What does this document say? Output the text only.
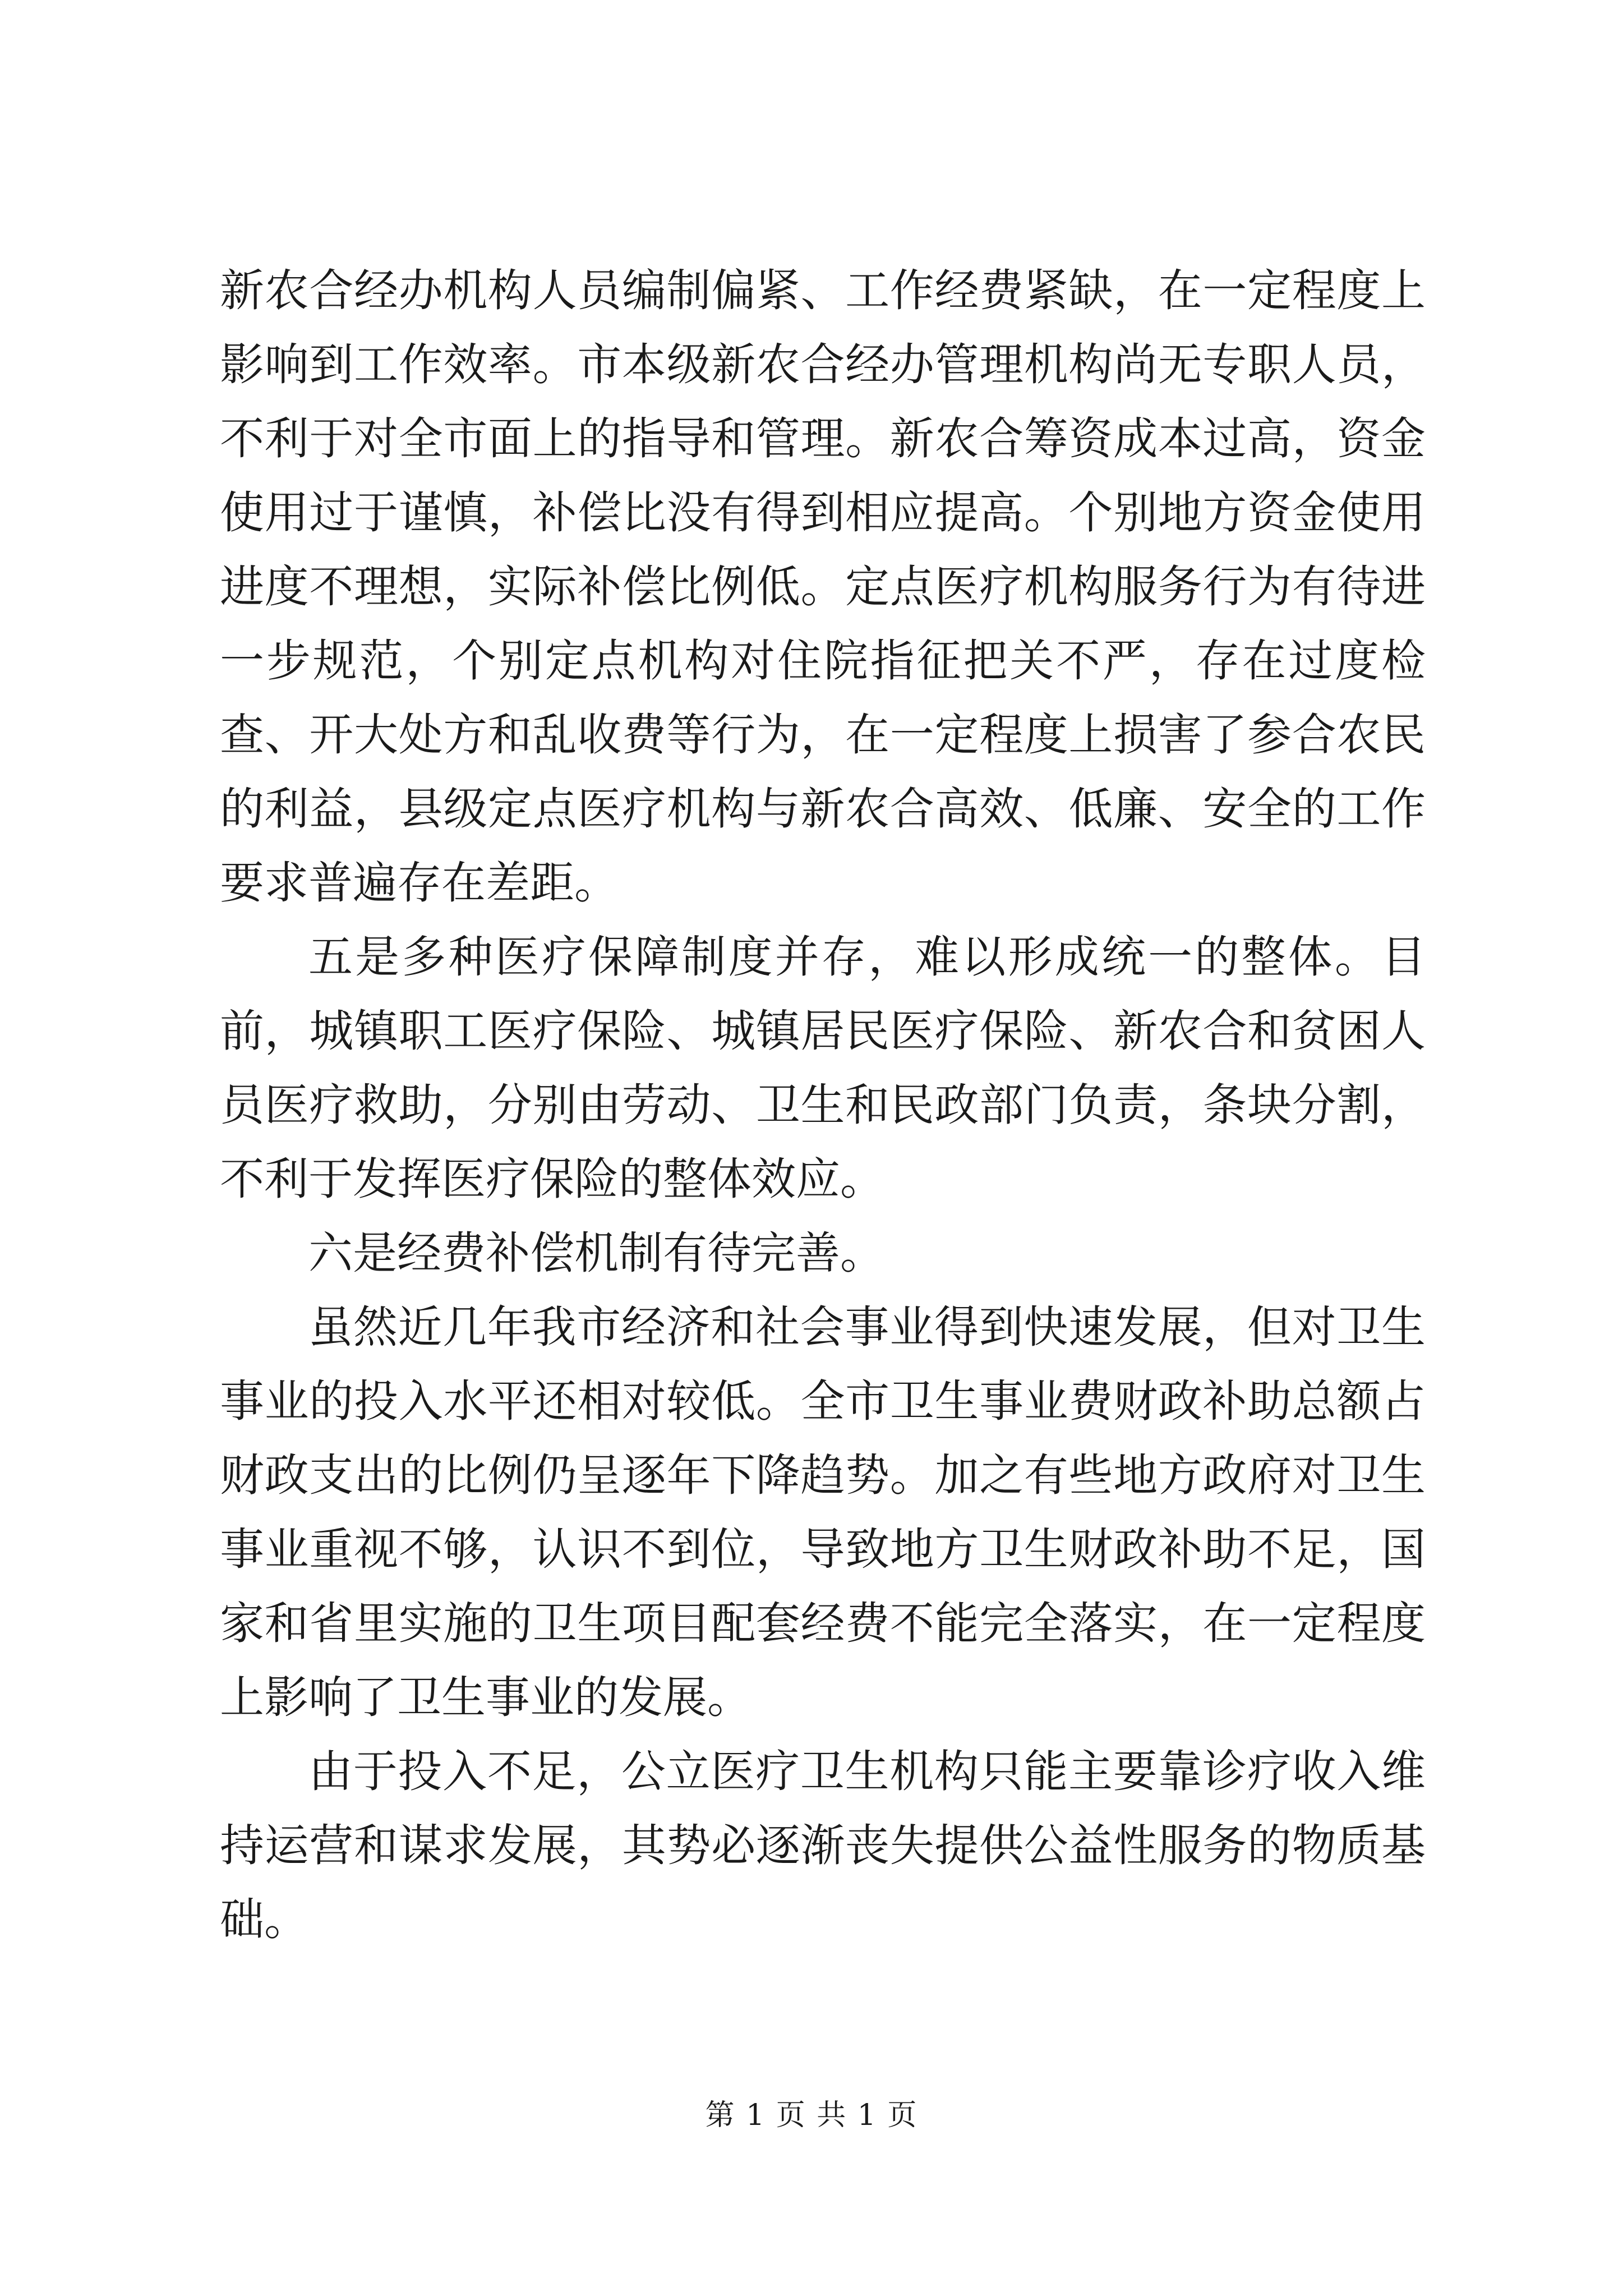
新农合经办机构人员编制偏紧、工作经费紧缺，在一定程度上影响到工作效率。市本级新农合经办管理机构尚无专职人员，不利于对全市面上的指导和管理。新农合筹资成本过高，资金使用过于谨慎，补偿比没有得到相应提高。个别地方资金使用进度不理想，实际补偿比例低。定点医疗机构服务行为有待进一步规范，个别定点机构对住院指征把关不严，存在过度检查、开大处方和乱收费等行为，在一定程度上损害了参合农民的利益，县级定点医疗机构与新农合高效、低廉、安全的工作要求普遍存在差距。

五是多种医疗保障制度并存，难以形成统一的整体。目前，城镇职工医疗保险、城镇居民医疗保险、新农合和贫困人员医疗救助，分别由劳动、卫生和民政部门负责，条块分割，不利于发挥医疗保险的整体效应。

六是经费补偿机制有待完善。

虽然近几年我市经济和社会事业得到快速发展，但对卫生事业的投入水平还相对较低。全市卫生事业费财政补助总额占财政支出的比例仍呈逐年下降趋势。加之有些地方政府对卫生事业重视不够，认识不到位，导致地方卫生财政补助不足，国家和省里实施的卫生项目配套经费不能完全落实，在一定程度上影响了卫生事业的发展。

由于投入不足，公立医疗卫生机构只能主要靠诊疗收入维持运营和谋求发展，其势必逐渐丧失提供公益性服务的物质基础。

第 1 页 共 1 页
